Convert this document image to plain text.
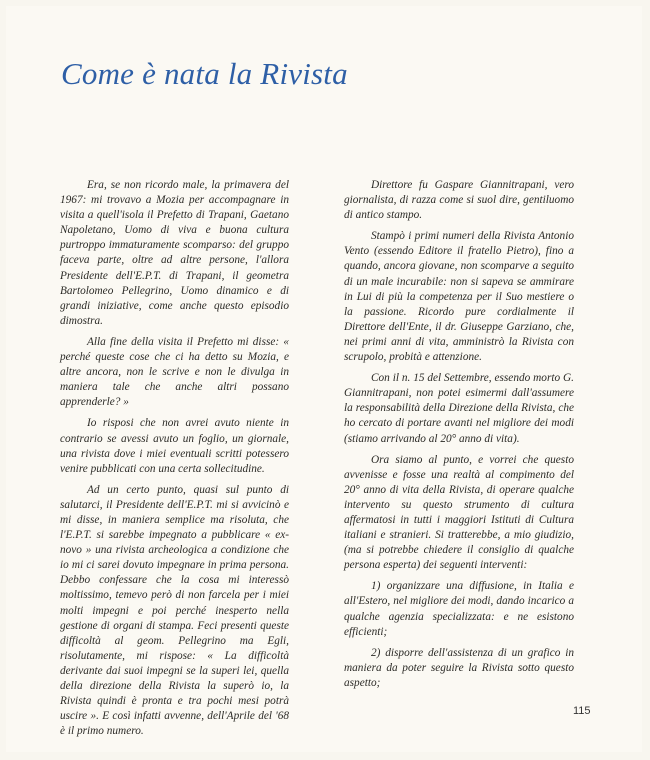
Come è nata la Rivista

Era, se non ricordo male, la primavera del 1967: mi trovavo a Mozia per accompagnare in visita a quell'isola il Prefetto di Trapani, Gaetano Napoletano, Uomo di viva e buona cultura purtroppo immaturamente scomparso: del gruppo faceva parte, oltre ad altre persone, l'allora Presidente dell'E.P.T. di Trapani, il geometra Bartolomeo Pellegrino, Uomo dinamico e di grandi iniziative, come anche questo episodio dimostra.

Alla fine della visita il Prefetto mi disse: « perché queste cose che ci ha detto su Mozia, e altre ancora, non le scrive e non le divulga in maniera tale che anche altri possano apprenderle? »

Io risposi che non avrei avuto niente in contrario se avessi avuto un foglio, un giornale, una rivista dove i miei eventuali scritti potessero venire pubblicati con una certa sollecitudine.

Ad un certo punto, quasi sul punto di salutarci, il Presidente dell'E.P.T. mi si avvicinò e mi disse, in maniera semplice ma risoluta, che l'E.P.T. si sarebbe impegnato a pubblicare « ex-novo » una rivista archeologica a condizione che io mi ci sarei dovuto impegnare in prima persona. Debbo confessare che la cosa mi interessò moltissimo, temevo però di non farcela per i miei molti impegni e poi perché inesperto nella gestione di organi di stampa. Feci presenti queste difficoltà al geom. Pellegrino ma Egli, risolutamente, mi rispose: « La difficoltà derivante dai suoi impegni se la superi lei, quella della direzione della Rivista la superò io, la Rivista quindi è pronta e tra pochi mesi potrà uscire ». E così infatti avvenne, dell'Aprile del '68 è il primo numero.

Direttore fu Gaspare Giannitrapani, vero giornalista, di razza come si suol dire, gentiluomo di antico stampo.

Stampò i primi numeri della Rivista Antonio Vento (essendo Editore il fratello Pietro), fino a quando, ancora giovane, non scomparve a seguito di un male incurabile: non si sapeva se ammirare in Lui di più la competenza per il Suo mestiere o la passione. Ricordo pure cordialmente il Direttore dell'Ente, il dr. Giuseppe Garziano, che, nei primi anni di vita, amministrò la Rivista con scrupolo, probità e attenzione.

Con il n. 15 del Settembre, essendo morto G. Giannitrapani, non potei esimermi dall'assumere la responsabilità della Direzione della Rivista, che ho cercato di portare avanti nel migliore dei modi (stiamo arrivando al 20° anno di vita).

Ora siamo al punto, e vorrei che questo avvenisse e fosse una realtà al compimento del 20° anno di vita della Rivista, di operare qualche intervento su questo strumento di cultura affermatosi in tutti i maggiori Istituti di Cultura italiani e stranieri. Si tratterebbe, a mio giudizio, (ma si potrebbe chiedere il consiglio di qualche persona esperta) dei seguenti interventi:

1) organizzare una diffusione, in Italia e all'Estero, nel migliore dei modi, dando incarico a qualche agenzia specializzata: e ne esistono efficienti;

2) disporre dell'assistenza di un grafico in maniera da poter seguire la Rivista sotto questo aspetto;

115
